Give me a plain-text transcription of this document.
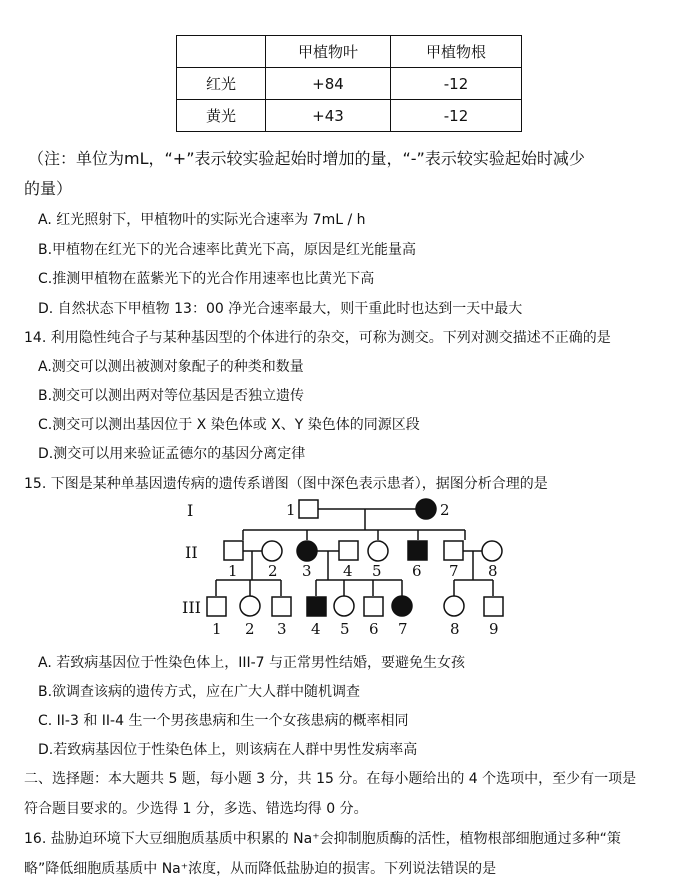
	甲植物叶	甲植物根
红光	+84	-12
黄光	+43	-12
（注：单位为mL，“+”表示较实验起始时增加的量，“-”表示较实验起始时减少
的量）
A. 红光照射下，甲植物叶的实际光合速率为 7mL / h
B.甲植物在红光下的光合速率比黄光下高，原因是红光能量高
C.推测甲植物在蓝紫光下的光合作用速率也比黄光下高
D. 自然状态下甲植物 13：00 净光合速率最大，则干重此时也达到一天中最大
14. 利用隐性纯合子与某种基因型的个体进行的杂交，可称为测交。下列对测交描述不正确的是
A.测交可以测出被测对象配子的种类和数量
B.测交可以测出两对等位基因是否独立遗传
C.测交可以测出基因位于 X 染色体或 X、Y 染色体的同源区段
D.测交可以用来验证孟德尔的基因分离定律
15. 下图是某种单基因遗传病的遗传系谱图（图中深色表示患者），据图分析合理的是
I
II
III
1	2
1 2 3 4 5 6 7 8
1 2 3 4 5 6 7	8 9
A. 若致病基因位于性染色体上，III-7 与正常男性结婚，要避免生女孩
B.欲调查该病的遗传方式，应在广大人群中随机调查
C. II-3 和 II-4 生一个男孩患病和生一个女孩患病的概率相同
D.若致病基因位于性染色体上，则该病在人群中男性发病率高
二、选择题：本大题共 5 题，每小题 3 分，共 15 分。在每小题给出的 4 个选项中，至少有一项是
符合题目要求的。少选得 1 分，多选、错选均得 0 分。
16. 盐胁迫环境下大豆细胞质基质中积累的 Na⁺会抑制胞质酶的活性，植物根部细胞通过多种“策
略”降低细胞质基质中 Na⁺浓度，从而降低盐胁迫的损害。下列说法错误的是
